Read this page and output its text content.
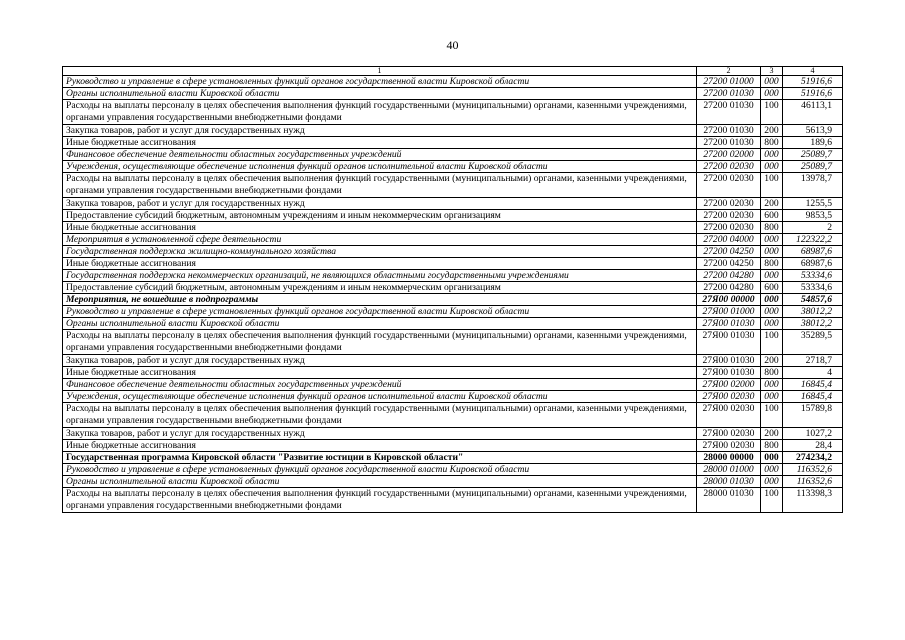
40
1	2	3	4
Руководство и управление в сфере установленных функций органов государственной власти Кировской области	27200 01000	000	51916,6
Органы исполнительной власти Кировской области	27200 01030	000	51916,6
Расходы на выплаты персоналу в целях обеспечения выполнения функций государственными (муниципальными) органами, казенными учреждениями, органами управления государственными внебюджетными фондами	27200 01030	100	46113,1
Закупка товаров, работ и услуг для государственных нужд	27200 01030	200	5613,9
Иные бюджетные ассигнования	27200 01030	800	189,6
Финансовое обеспечение деятельности областных государственных учреждений	27200 02000	000	25089,7
Учреждения, осуществляющие обеспечение исполнения функций органов исполнительной власти Кировской области	27200 02030	000	25089,7
Расходы на выплаты персоналу в целях обеспечения выполнения функций государственными (муниципальными) органами, казенными учреждениями, органами управления государственными внебюджетными фондами	27200 02030	100	13978,7
Закупка товаров, работ и услуг для государственных нужд	27200 02030	200	1255,5
Предоставление субсидий бюджетным, автономным учреждениям и иным некоммерческим организациям	27200 02030	600	9853,5
Иные бюджетные ассигнования	27200 02030	800	2
Мероприятия в установленной сфере деятельности	27200 04000	000	122322,2
Государственная поддержка жилищно-коммунального хозяйства	27200 04250	000	68987,6
Иные бюджетные ассигнования	27200 04250	800	68987,6
Государственная поддержка некоммерческих организаций, не являющихся областными государственными учреждениями	27200 04280	000	53334,6
Предоставление субсидий бюджетным, автономным учреждениям и иным некоммерческим организациям	27200 04280	600	53334,6
Мероприятия, не вошедшие в подпрограммы	27Я00 00000	000	54857,6
Руководство и управление в сфере установленных функций органов государственной власти Кировской области	27Я00 01000	000	38012,2
Органы исполнительной власти Кировской области	27Я00 01030	000	38012,2
Расходы на выплаты персоналу в целях обеспечения выполнения функций государственными (муниципальными) органами, казенными учреждениями, органами управления государственными внебюджетными фондами	27Я00 01030	100	35289,5
Закупка товаров, работ и услуг для государственных нужд	27Я00 01030	200	2718,7
Иные бюджетные ассигнования	27Я00 01030	800	4
Финансовое обеспечение деятельности областных государственных учреждений	27Я00 02000	000	16845,4
Учреждения, осуществляющие обеспечение исполнения функций органов исполнительной власти Кировской области	27Я00 02030	000	16845,4
Расходы на выплаты персоналу в целях обеспечения выполнения функций государственными (муниципальными) органами, казенными учреждениями, органами управления государственными внебюджетными фондами	27Я00 02030	100	15789,8
Закупка товаров, работ и услуг для государственных нужд	27Я00 02030	200	1027,2
Иные бюджетные ассигнования	27Я00 02030	800	28,4
Государственная программа Кировской области "Развитие юстиции в Кировской области"	28000 00000	000	274234,2
Руководство и управление в сфере установленных функций органов государственной власти Кировской области	28000 01000	000	116352,6
Органы исполнительной власти Кировской области	28000 01030	000	116352,6
Расходы на выплаты персоналу в целях обеспечения выполнения функций государственными (муниципальными) органами, казенными учреждениями, органами управления государственными внебюджетными фондами	28000 01030	100	113398,3
